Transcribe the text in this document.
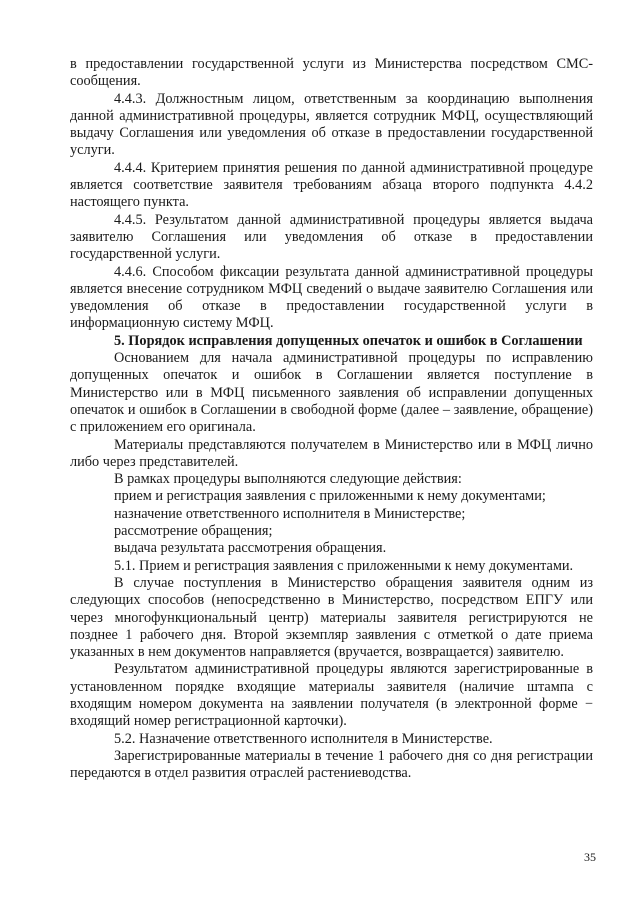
в предоставлении государственной услуги из Министерства посредством СМС-сообщения.

4.4.3. Должностным лицом, ответственным за координацию выполнения данной административной процедуры, является сотрудник МФЦ, осуществляющий выдачу Соглашения или уведомления об отказе в предоставлении государственной услуги.

4.4.4. Критерием принятия решения по данной административной процедуре является соответствие заявителя требованиям абзаца второго подпункта 4.4.2 настоящего пункта.

4.4.5. Результатом данной административной процедуры является выдача заявителю Соглашения или уведомления об отказе в предоставлении государственной услуги.

4.4.6. Способом фиксации результата данной административной процедуры является внесение сотрудником МФЦ сведений о выдаче заявителю Соглашения или уведомления об отказе в предоставлении государственной услуги в информационную систему МФЦ.

5. Порядок исправления допущенных опечаток и ошибок в Соглашении

Основанием для начала административной процедуры по исправлению допущенных опечаток и ошибок в Соглашении является поступление в Министерство или в МФЦ письменного заявления об исправлении допущенных опечаток и ошибок в Соглашении в свободной форме (далее – заявление, обращение) с приложением его оригинала.

Материалы представляются получателем в Министерство или в МФЦ лично либо через представителей.

В рамках процедуры выполняются следующие действия:

прием и регистрация заявления с приложенными к нему документами;

назначение ответственного исполнителя в Министерстве;

рассмотрение обращения;

выдача результата рассмотрения обращения.

5.1. Прием и регистрация заявления с приложенными к нему документами.

В случае поступления в Министерство обращения заявителя одним из следующих способов (непосредственно в Министерство, посредством ЕПГУ или через многофункциональный центр) материалы заявителя регистрируются не позднее 1 рабочего дня. Второй экземпляр заявления с отметкой о дате приема указанных в нем документов направляется (вручается, возвращается) заявителю.

Результатом административной процедуры являются зарегистрированные в установленном порядке входящие материалы заявителя (наличие штампа с входящим номером документа на заявлении получателя (в электронной форме − входящий номер регистрационной карточки).

5.2. Назначение ответственного исполнителя в Министерстве.

Зарегистрированные материалы в течение 1 рабочего дня со дня регистрации передаются в отдел развития отраслей растениеводства.

35
